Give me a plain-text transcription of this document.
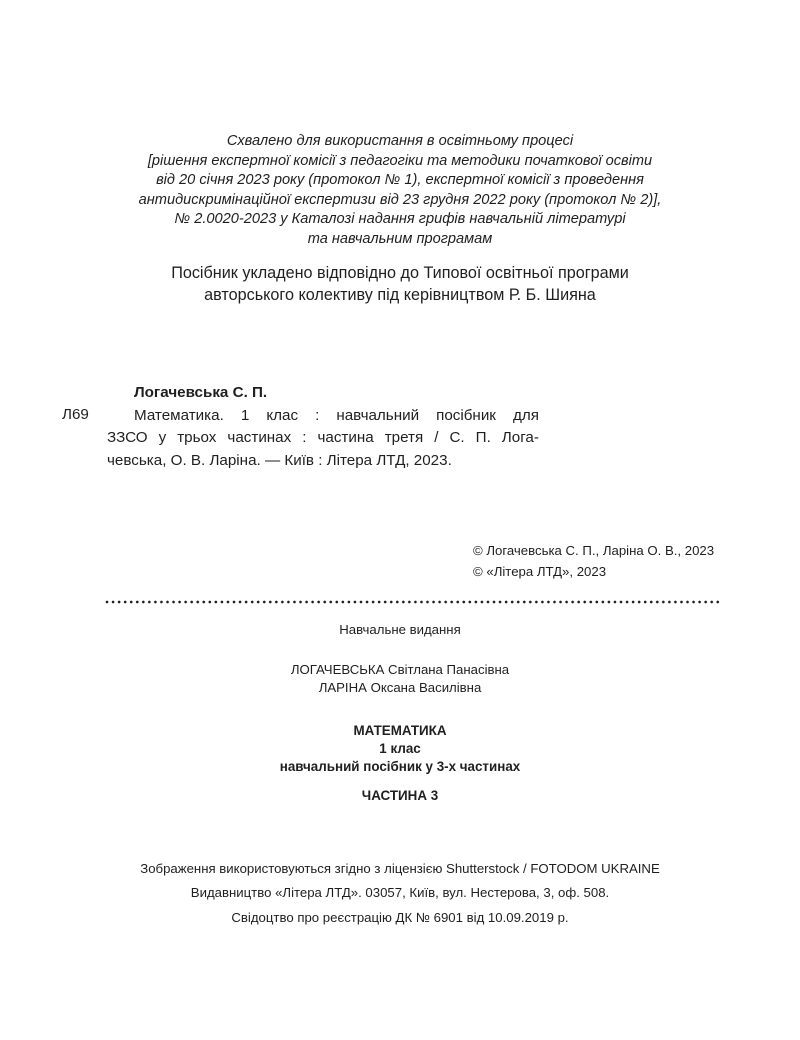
Схвалено для використання в освітньому процесі
[рішення експертної комісії з педагогіки та методики початкової освіти
від 20 січня 2023 року (протокол № 1), експертної комісії з проведення
антидискримінаційної експертизи від 23 грудня 2022 року (протокол № 2)],
№ 2.0020-2023 у Каталозі надання грифів навчальній літературі
та навчальним програмам
Посібник укладено відповідно до Типової освітньої програми
авторського колективу під керівництвом Р. Б. Шияна
Логачевська С. П.
Л69	Математика. 1 клас : навчальний посібник для
ЗЗСО у трьох частинах : частина третя / С. П. Лога-
чевська, О. В. Ларіна. — Київ : Літера ЛТД, 2023.
© Логачевська С. П., Ларіна О. В., 2023
© «Літера ЛТД», 2023
Навчальне видання
ЛОГАЧЕВСЬКА Світлана Панасівна
ЛАРІНА Оксана Василівна
МАТЕМАТИКА
1 клас
навчальний посібник у 3-х частинах
ЧАСТИНА 3
Зображення використовуються згідно з ліцензією Shutterstock / FOTODOM UKRAINE
Видавництво «Літера ЛТД». 03057, Київ, вул. Нестерова, 3, оф. 508.
Свідоцтво про реєстрацію ДК № 6901 від 10.09.2019 р.
